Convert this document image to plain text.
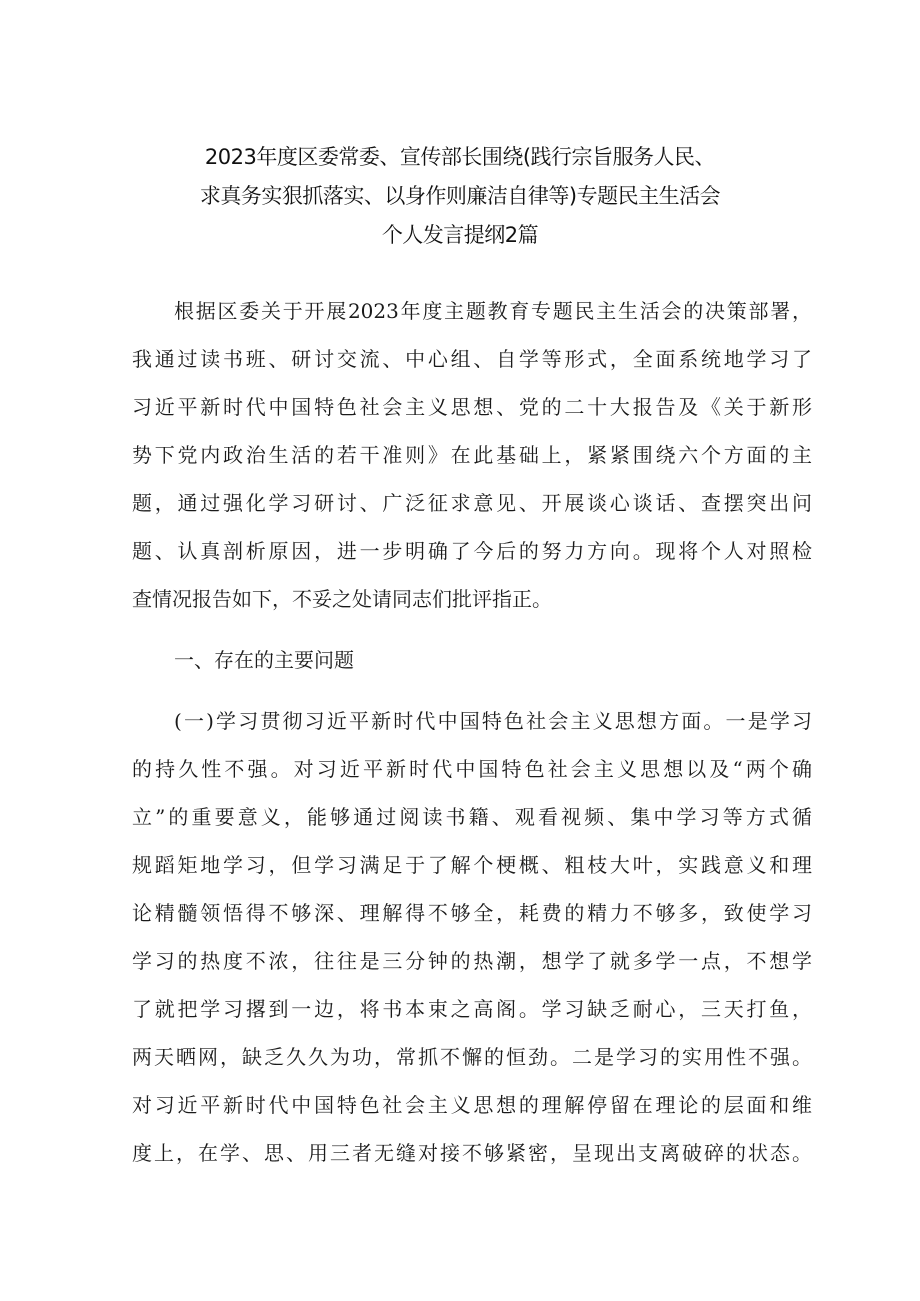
2023年度区委常委、宣传部长围绕(践行宗旨服务人民、
求真务实狠抓落实、以身作则廉洁自律等)专题民主生活会
个人发言提纲2篇
根据区委关于开展2023年度主题教育专题民主生活会的决策部署，
我通过读书班、研讨交流、中心组、自学等形式，全面系统地学习了
习近平新时代中国特色社会主义思想、党的二十大报告及《关于新形
势下党内政治生活的若干准则》在此基础上，紧紧围绕六个方面的主
题，通过强化学习研讨、广泛征求意见、开展谈心谈话、查摆突出问
题、认真剖析原因，进一步明确了今后的努力方向。现将个人对照检
查情况报告如下，不妥之处请同志们批评指正。
一、存在的主要问题
(一)学习贯彻习近平新时代中国特色社会主义思想方面。一是学习
的持久性不强。对习近平新时代中国特色社会主义思想以及“两个确
立”的重要意义，能够通过阅读书籍、观看视频、集中学习等方式循
规蹈矩地学习，但学习满足于了解个梗概、粗枝大叶，实践意义和理
论精髓领悟得不够深、理解得不够全，耗费的精力不够多，致使学习
学习的热度不浓，往往是三分钟的热潮，想学了就多学一点，不想学
了就把学习撂到一边，将书本束之高阁。学习缺乏耐心，三天打鱼，
两天晒网，缺乏久久为功，常抓不懈的恒劲。二是学习的实用性不强。
对习近平新时代中国特色社会主义思想的理解停留在理论的层面和维
度上，在学、思、用三者无缝对接不够紧密，呈现出支离破碎的状态。
